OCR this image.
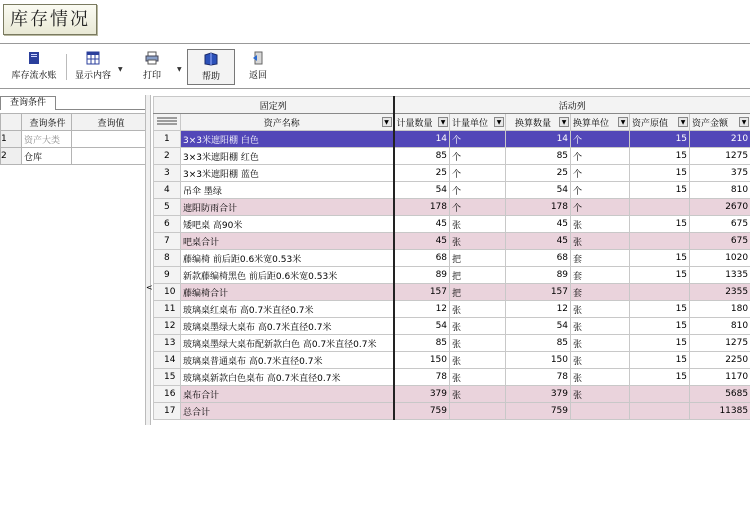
库存情况
库存流水账	显示内容
▼
打印
▼
帮助	返回
查询条件
	查询条件	查询值
1	资产大类	
2	仓库	
<
固定列		活动列					
	资产名称 ▼	计量数量 ▼	计量单位 ▼	换算数量 ▼	换算单位 ▼	资产原值 ▼	资产金额 ▼

1	3×3米遮阳棚 白色	14	个	14	个	15	210
2	3×3米遮阳棚 红色	85	个	85	个	15	1275
3	3×3米遮阳棚 蓝色	25	个	25	个	15	375
4	吊伞 墨绿	54	个	54	个	15	810
5	遮阳防雨合计	178	个	178	个		2670
6	矮吧桌 高90米	45	张	45	张	15	675
7	吧桌合计	45	张	45	张		675
8	藤编椅 前后距0.6米宽0.53米	68	把	68	套	15	1020
9	新款藤编椅黑色 前后距0.6米宽0.53米	89	把	89	套	15	1335
10	藤编椅合计	157	把	157	套		2355
11	玻璃桌红桌布 高0.7米直径0.7米	12	张	12	张	15	180
12	玻璃桌墨绿大桌布 高0.7米直径0.7米	54	张	54	张	15	810
13	玻璃桌墨绿大桌布配新款白色 高0.7米直径0.7米	85	张	85	张	15	1275
14	玻璃桌普通桌布 高0.7米直径0.7米	150	张	150	张	15	2250
15	玻璃桌新款白色桌布 高0.7米直径0.7米	78	张	78	张	15	1170
16	桌布合计	379	张	379	张		5685
17	总合计	759		759			11385
